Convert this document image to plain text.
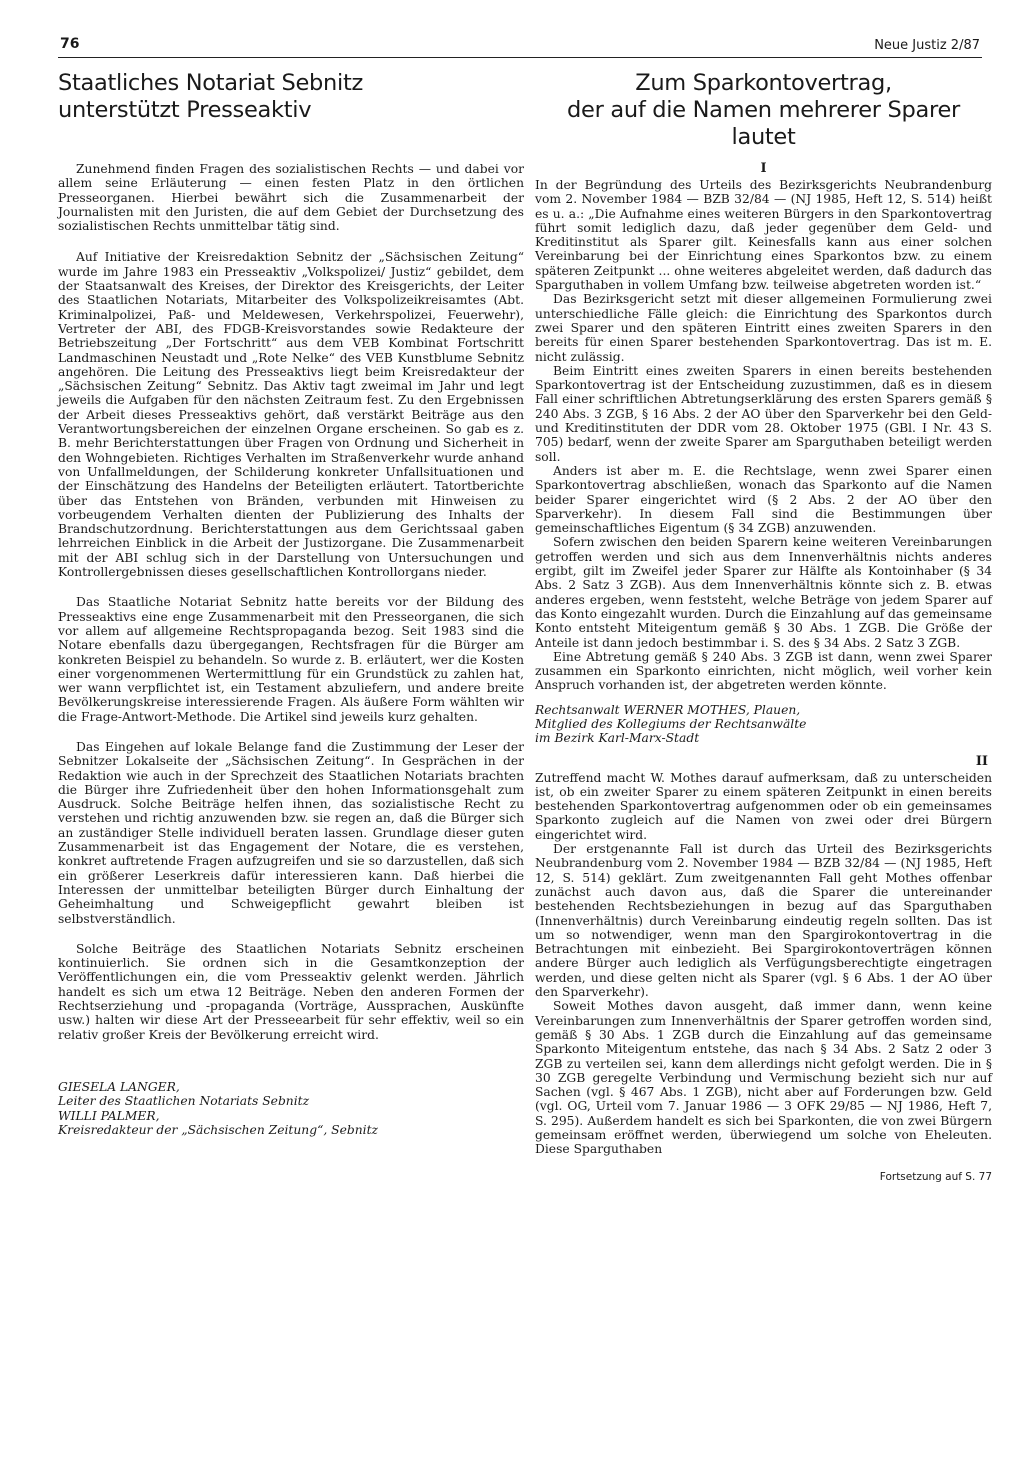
76	Neue Justiz 2/87
Staatliches Notariat Sebnitz
unterstützt Presseaktiv

Zunehmend finden Fragen des sozialistischen Rechts — und dabei vor allem seine Erläuterung — einen festen Platz in den örtlichen Presseorganen. Hierbei bewährt sich die Zusammenarbeit der Journalisten mit den Juristen, die auf dem Gebiet der Durchsetzung des sozialistischen Rechts unmittelbar tätig sind.

Auf Initiative der Kreisredaktion Sebnitz der „Sächsischen Zeitung“ wurde im Jahre 1983 ein Presseaktiv „Volkspolizei/ Justiz“ gebildet, dem der Staatsanwalt des Kreises, der Direktor des Kreisgerichts, der Leiter des Staatlichen Notariats, Mitarbeiter des Volkspolizeikreisamtes (Abt. Kriminalpolizei, Paß- und Meldewesen, Verkehrspolizei, Feuerwehr), Vertreter der ABI, des FDGB-Kreisvorstandes sowie Redakteure der Betriebszeitung „Der Fortschritt“ aus dem VEB Kombinat Fortschritt Landmaschinen Neustadt und „Rote Nelke“ des VEB Kunstblume Sebnitz angehören. Die Leitung des Presseaktivs liegt beim Kreisredakteur der „Sächsischen Zeitung“ Sebnitz. Das Aktiv tagt zweimal im Jahr und legt jeweils die Aufgaben für den nächsten Zeitraum fest. Zu den Ergebnissen der Arbeit dieses Presseaktivs gehört, daß verstärkt Beiträge aus den Verantwortungsbereichen der einzelnen Organe erscheinen. So gab es z. B. mehr Berichterstattungen über Fragen von Ordnung und Sicherheit in den Wohngebieten. Richtiges Verhalten im Straßenverkehr wurde anhand von Unfallmeldungen, der Schilderung konkreter Unfallsituationen und der Einschätzung des Handelns der Beteiligten erläutert. Tatortberichte über das Entstehen von Bränden, verbunden mit Hinweisen zu vorbeugendem Verhalten dienten der Publizierung des Inhalts der Brandschutzordnung. Berichterstattungen aus dem Gerichtssaal gaben lehrreichen Einblick in die Arbeit der Justizorgane. Die Zusammenarbeit mit der ABI schlug sich in der Darstellung von Untersuchungen und Kontrollergebnissen dieses gesellschaftlichen Kontrollorgans nieder.

Das Staatliche Notariat Sebnitz hatte bereits vor der Bildung des Presseaktivs eine enge Zusammenarbeit mit den Presseorganen, die sich vor allem auf allgemeine Rechtspropaganda bezog. Seit 1983 sind die Notare ebenfalls dazu übergegangen, Rechtsfragen für die Bürger am konkreten Beispiel zu behandeln. So wurde z. B. erläutert, wer die Kosten einer vorgenommenen Wertermittlung für ein Grundstück zu zahlen hat, wer wann verpflichtet ist, ein Testament abzuliefern, und andere breite Bevölkerungskreise interessierende Fragen. Als äußere Form wählten wir die Frage-Antwort-Methode. Die Artikel sind jeweils kurz gehalten.

Das Eingehen auf lokale Belange fand die Zustimmung der Leser der Sebnitzer Lokalseite der „Sächsischen Zeitung“. In Gesprächen in der Redaktion wie auch in der Sprechzeit des Staatlichen Notariats brachten die Bürger ihre Zufriedenheit über den hohen Informationsgehalt zum Ausdruck. Solche Beiträge helfen ihnen, das sozialistische Recht zu verstehen und richtig anzuwenden bzw. sie regen an, daß die Bürger sich an zuständiger Stelle individuell beraten lassen. Grundlage dieser guten Zusammenarbeit ist das Engagement der Notare, die es verstehen, konkret auftretende Fragen aufzugreifen und sie so darzustellen, daß sich ein größerer Leserkreis dafür interessieren kann. Daß hierbei die Interessen der unmittelbar beteiligten Bürger durch Einhaltung der Geheimhaltung und Schweigepflicht gewahrt bleiben ist selbstverständlich.

Solche Beiträge des Staatlichen Notariats Sebnitz erscheinen kontinuierlich. Sie ordnen sich in die Gesamtkonzeption der Veröffentlichungen ein, die vom Presseaktiv gelenkt werden. Jährlich handelt es sich um etwa 12 Beiträge. Neben den anderen Formen der Rechtserziehung und -propaganda (Vorträge, Aussprachen, Auskünfte usw.) halten wir diese Art der Presseearbeit für sehr effektiv, weil so ein relativ großer Kreis der Bevölkerung erreicht wird.

GIESELA LANGER,

Leiter des Staatlichen Notariats Sebnitz

WILLI PALMER,

Kreisredakteur der „Sächsischen Zeitung“, Sebnitz

Zum Sparkontovertrag,
der auf die Namen mehrerer Sparer lautet
I

In der Begründung des Urteils des Bezirksgerichts Neubrandenburg vom 2. November 1984 — BZB 32/84 — (NJ 1985, Heft 12, S. 514) heißt es u. a.: „Die Aufnahme eines weiteren Bürgers in den Sparkontovertrag führt somit lediglich dazu, daß jeder gegenüber dem Geld- und Kreditinstitut als Sparer gilt. Keinesfalls kann aus einer solchen Vereinbarung bei der Einrichtung eines Sparkontos bzw. zu einem späteren Zeitpunkt ... ohne weiteres abgeleitet werden, daß dadurch das Sparguthaben in vollem Umfang bzw. teilweise abgetreten worden ist.“

Das Bezirksgericht setzt mit dieser allgemeinen Formulierung zwei unterschiedliche Fälle gleich: die Einrichtung des Sparkontos durch zwei Sparer und den späteren Eintritt eines zweiten Sparers in den bereits für einen Sparer bestehenden Sparkontovertrag. Das ist m. E. nicht zulässig.

Beim Eintritt eines zweiten Sparers in einen bereits bestehenden Sparkontovertrag ist der Entscheidung zuzustimmen, daß es in diesem Fall einer schriftlichen Abtretungserklärung des ersten Sparers gemäß § 240 Abs. 3 ZGB, § 16 Abs. 2 der AO über den Sparverkehr bei den Geld- und Kreditinstituten der DDR vom 28. Oktober 1975 (GBl. I Nr. 43 S. 705) bedarf, wenn der zweite Sparer am Sparguthaben beteiligt werden soll.

Anders ist aber m. E. die Rechtslage, wenn zwei Sparer einen Sparkontovertrag abschließen, wonach das Sparkonto auf die Namen beider Sparer eingerichtet wird (§ 2 Abs. 2 der AO über den Sparverkehr). In diesem Fall sind die Bestimmungen über gemeinschaftliches Eigentum (§ 34 ZGB) anzuwenden.

Sofern zwischen den beiden Sparern keine weiteren Vereinbarungen getroffen werden und sich aus dem Innenverhältnis nichts anderes ergibt, gilt im Zweifel jeder Sparer zur Hälfte als Kontoinhaber (§ 34 Abs. 2 Satz 3 ZGB). Aus dem Innenverhältnis könnte sich z. B. etwas anderes ergeben, wenn feststeht, welche Beträge von jedem Sparer auf das Konto eingezahlt wurden. Durch die Einzahlung auf das gemeinsame Konto entsteht Miteigentum gemäß § 30 Abs. 1 ZGB. Die Größe der Anteile ist dann jedoch bestimmbar i. S. des § 34 Abs. 2 Satz 3 ZGB.

Eine Abtretung gemäß § 240 Abs. 3 ZGB ist dann, wenn zwei Sparer zusammen ein Sparkonto einrichten, nicht möglich, weil vorher kein Anspruch vorhanden ist, der abgetreten werden könnte.

Rechtsanwalt WERNER MOTHES, Plauen,

Mitglied des Kollegiums der Rechtsanwälte

im Bezirk Karl-Marx-Stadt

II

Zutreffend macht W. Mothes darauf aufmerksam, daß zu unterscheiden ist, ob ein zweiter Sparer zu einem späteren Zeitpunkt in einen bereits bestehenden Sparkontovertrag aufgenommen oder ob ein gemeinsames Sparkonto zugleich auf die Namen von zwei oder drei Bürgern eingerichtet wird.

Der erstgenannte Fall ist durch das Urteil des Bezirksgerichts Neubrandenburg vom 2. November 1984 — BZB 32/84 — (NJ 1985, Heft 12, S. 514) geklärt. Zum zweitgenannten Fall geht Mothes offenbar zunächst auch davon aus, daß die Sparer die untereinander bestehenden Rechtsbeziehungen in bezug auf das Sparguthaben (Innenverhältnis) durch Vereinbarung eindeutig regeln sollten. Das ist um so notwendiger, wenn man den Spargirokontovertrag in die Betrachtungen mit einbezieht. Bei Spargirokontoverträgen können andere Bürger auch lediglich als Verfügungsberechtigte eingetragen werden, und diese gelten nicht als Sparer (vgl. § 6 Abs. 1 der AO über den Sparverkehr).

Soweit Mothes davon ausgeht, daß immer dann, wenn keine Vereinbarungen zum Innenverhältnis der Sparer getroffen worden sind, gemäß § 30 Abs. 1 ZGB durch die Einzahlung auf das gemeinsame Sparkonto Miteigentum entstehe, das nach § 34 Abs. 2 Satz 2 oder 3 ZGB zu verteilen sei, kann dem allerdings nicht gefolgt werden. Die in § 30 ZGB geregelte Verbindung und Vermischung bezieht sich nur auf Sachen (vgl. § 467 Abs. 1 ZGB), nicht aber auf Forderungen bzw. Geld (vgl. OG, Urteil vom 7. Januar 1986 — 3 OFK 29/85 — NJ 1986, Heft 7, S. 295). Außerdem handelt es sich bei Sparkonten, die von zwei Bürgern gemeinsam eröffnet werden, überwiegend um solche von Eheleuten. Diese Sparguthaben

Fortsetzung auf S. 77
